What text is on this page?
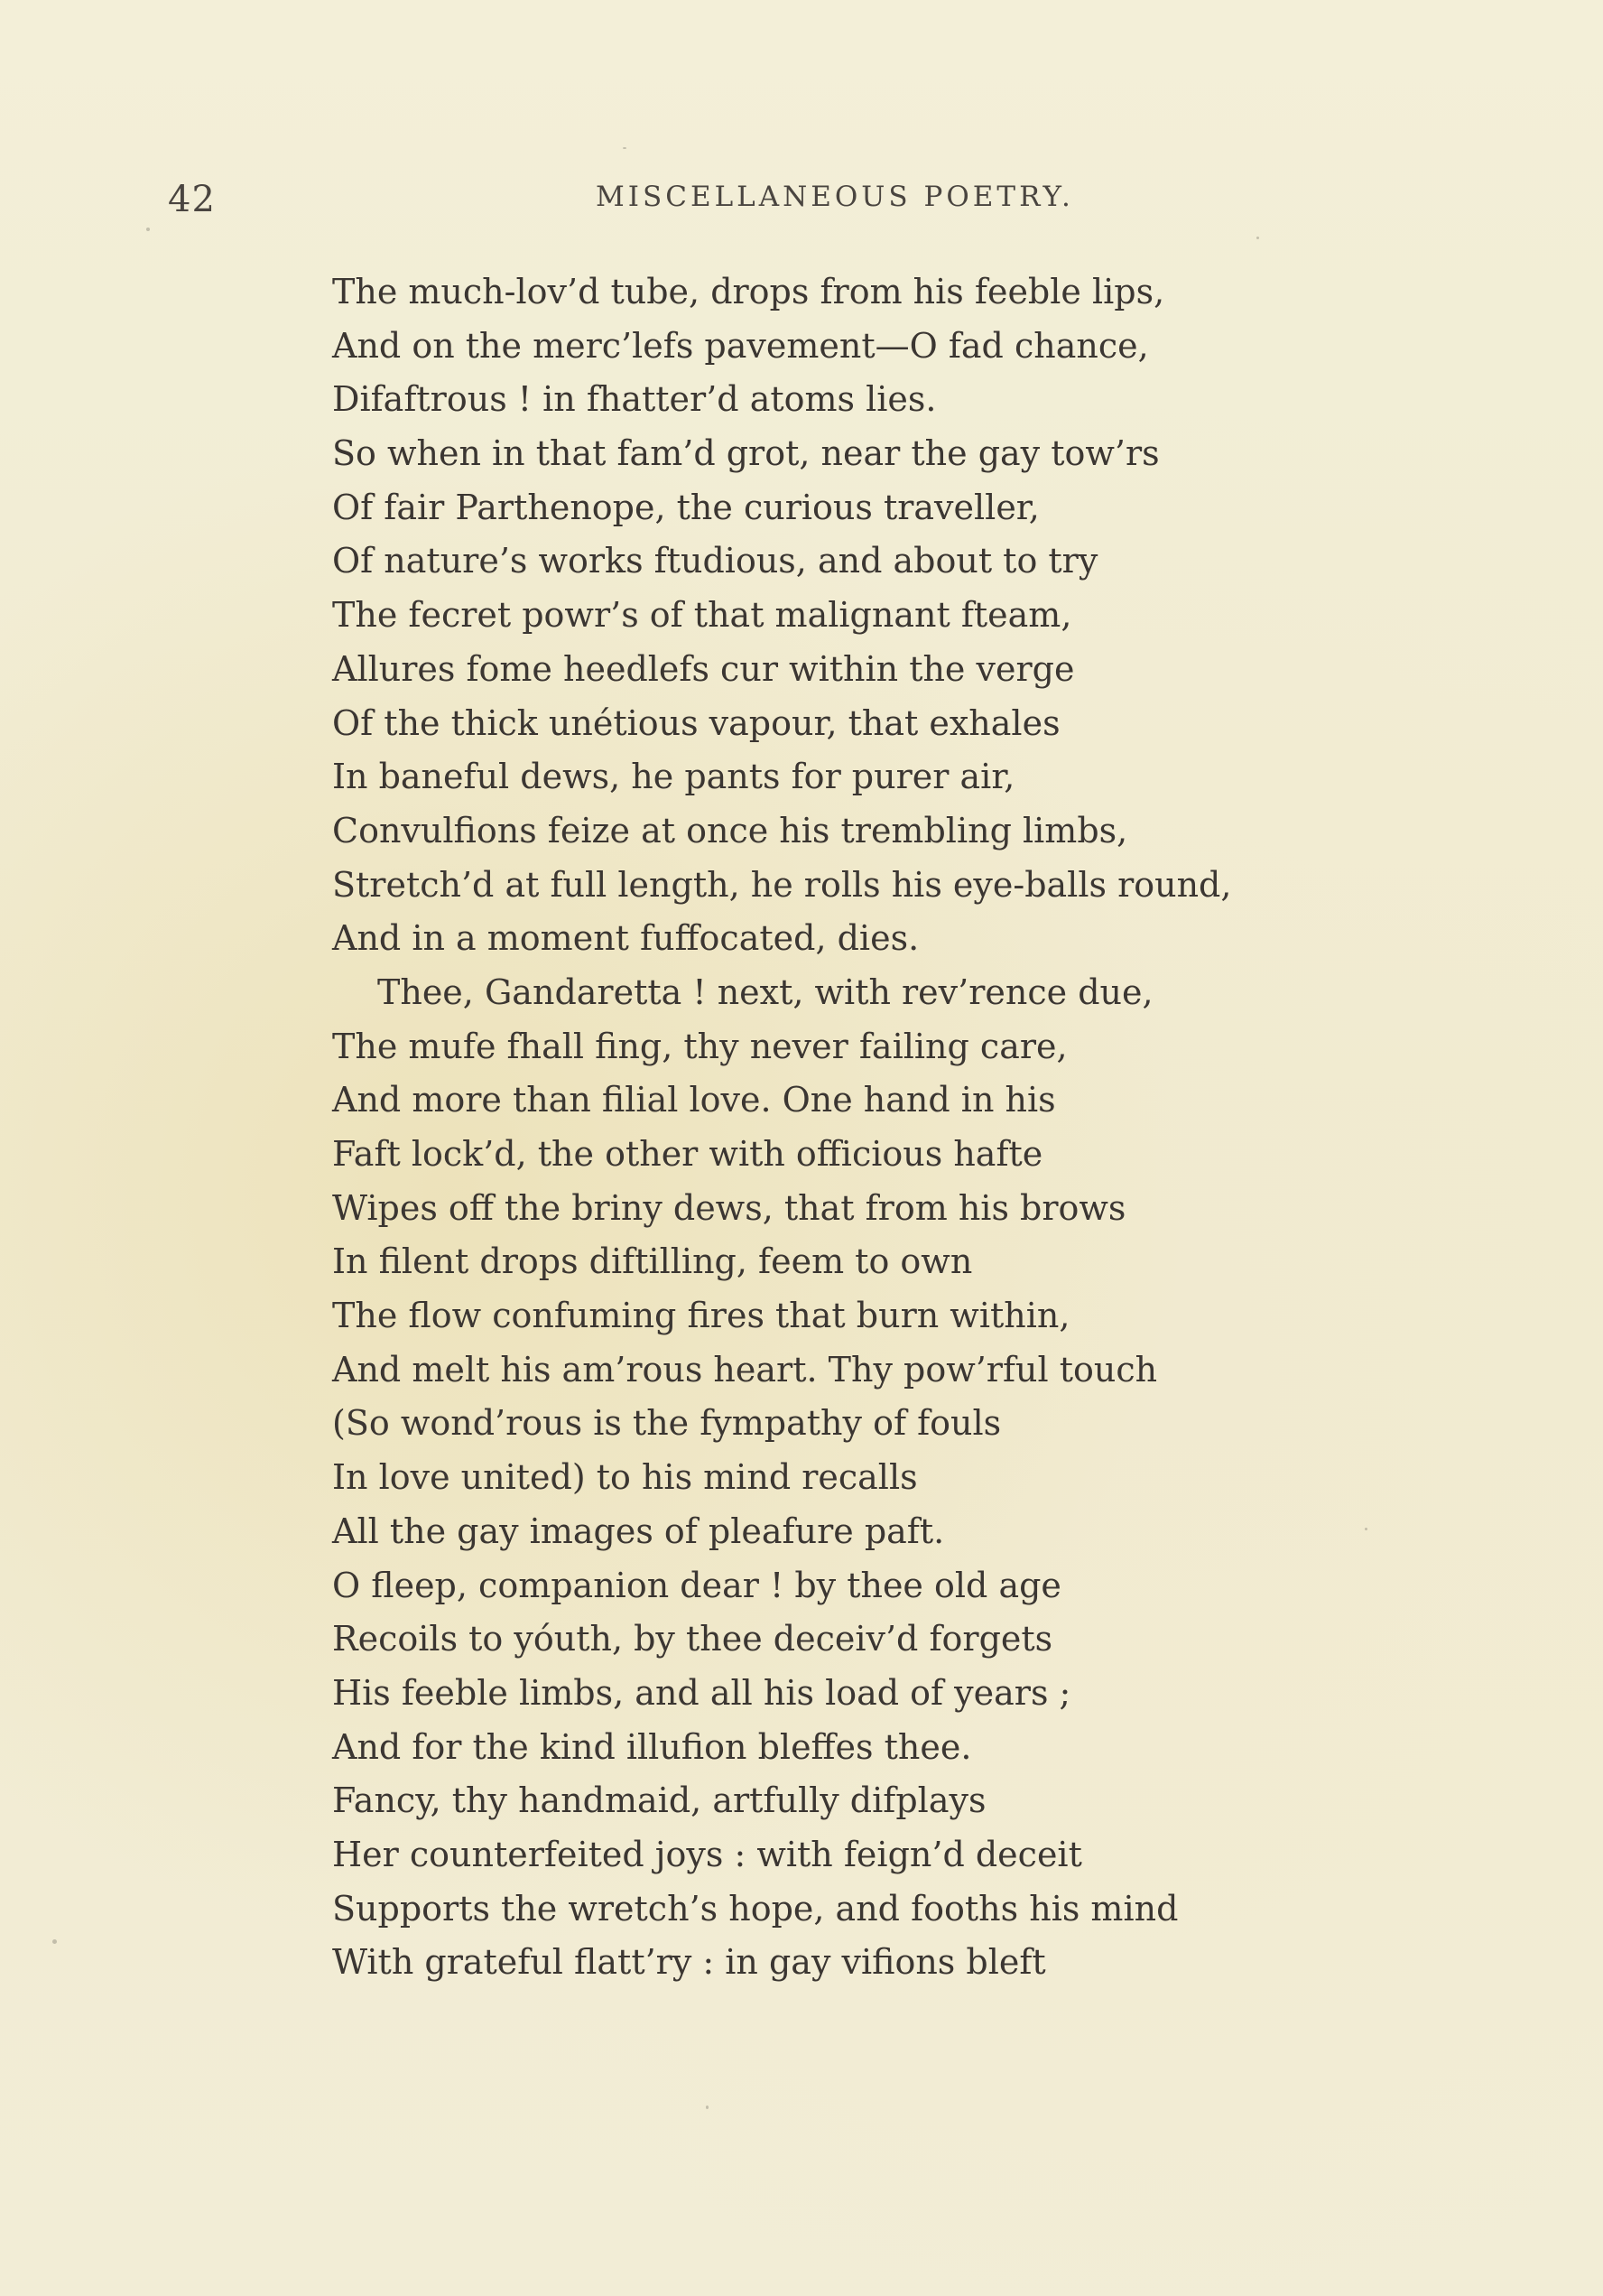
42	MISCELLANEOUS POETRY.
The much-lov’d tube, drops from his feeble lips,
And on the merc’lefs pavement—O fad chance,
Difaftrous ! in fhatter’d atoms lies.
So when in that fam’d grot, near the gay tow’rs
Of fair Parthenope, the curious traveller,
Of nature’s works ftudious, and about to try
The fecret powr’s of that malignant fteam,
Allures fome heedlefs cur within the verge
Of the thick unétious vapour, that exhales
In baneful dews, he pants for purer air,
Convulfions feize at once his trembling limbs,
Stretch’d at full length, he rolls his eye-balls round,
And in a moment fuffocated, dies.
Thee, Gandaretta ! next, with rev’rence due,
The mufe fhall fing, thy never failing care,
And more than filial love. One hand in his
Faft lock’d, the other with officious hafte
Wipes off the briny dews, that from his brows
In filent drops diftilling, feem to own
The flow confuming fires that burn within,
And melt his am’rous heart. Thy pow’rful touch
(So wond’rous is the fympathy of fouls
In love united) to his mind recalls
All the gay images of pleafure paft.
O fleep, companion dear ! by thee old age
Recoils to yóuth, by thee deceiv’d forgets
His feeble limbs, and all his load of years ;
And for the kind illufion bleffes thee.
Fancy, thy handmaid, artfully difplays
Her counterfeited joys : with feign’d deceit
Supports the wretch’s hope, and fooths his mind
With grateful flatt’ry : in gay vifions bleft
